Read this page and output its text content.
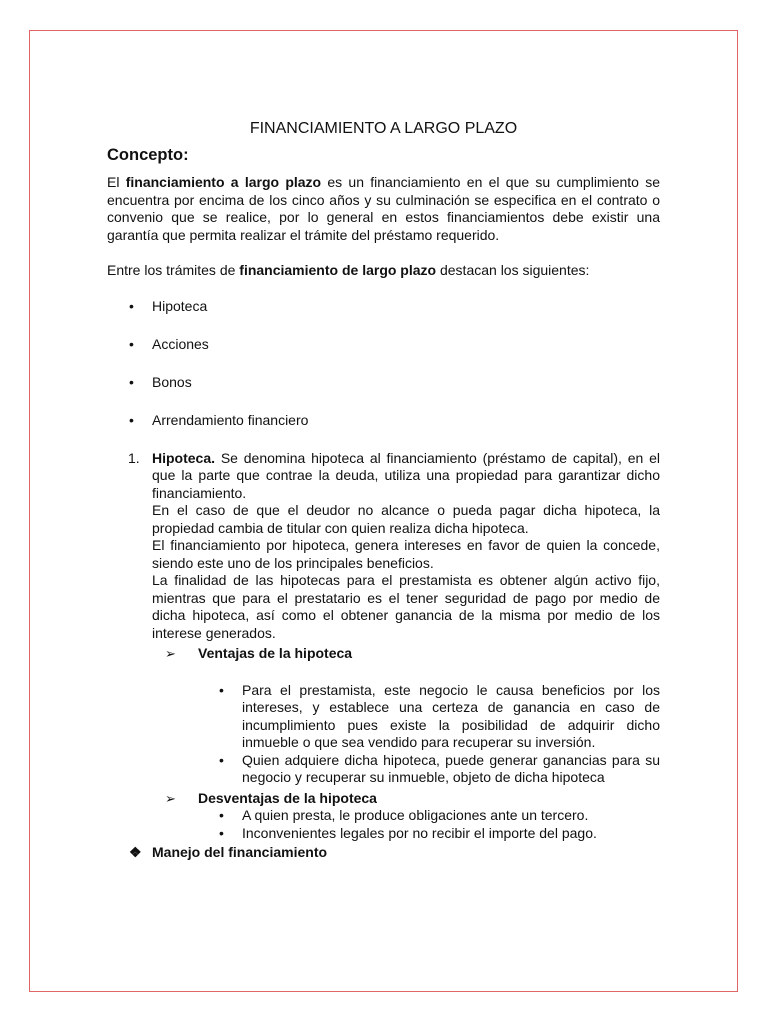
FINANCIAMIENTO A LARGO PLAZO
Concepto:

El financiamiento a largo plazo es un financiamiento en el que su cumplimiento se encuentra por encima de los cinco años y su culminación se especifica en el contrato o convenio que se realice, por lo general en estos financiamientos debe existir una garantía que permita realizar el trámite del préstamo requerido.

Entre los trámites de financiamiento de largo plazo destacan los siguientes:

• Hipoteca
• Acciones
• Bonos
• Arrendamiento financiero
1. Hipoteca. Se denomina hipoteca al financiamiento (préstamo de capital), en el que la parte que contrae la deuda, utiliza una propiedad para garantizar dicho financiamiento.

En el caso de que el deudor no alcance o pueda pagar dicha hipoteca, la propiedad cambia de titular con quien realiza dicha hipoteca.

El financiamiento por hipoteca, genera intereses en favor de quien la concede, siendo este uno de los principales beneficios.

La finalidad de las hipotecas para el prestamista es obtener algún activo fijo, mientras que para el prestatario es el tener seguridad de pago por medio de dicha hipoteca, así como el obtener ganancia de la misma por medio de los interese generados.

➢ Ventajas de la hipoteca
• Para el prestamista, este negocio le causa beneficios por los intereses, y establece una certeza de ganancia en caso de incumplimiento pues existe la posibilidad de adquirir dicho inmueble o que sea vendido para recuperar su inversión.
• Quien adquiere dicha hipoteca, puede generar ganancias para su negocio y recuperar su inmueble, objeto de dicha hipoteca
➢ Desventajas de la hipoteca
• A quien presta, le produce obligaciones ante un tercero.
• Inconvenientes legales por no recibir el importe del pago.
❖ Manejo del financiamiento
